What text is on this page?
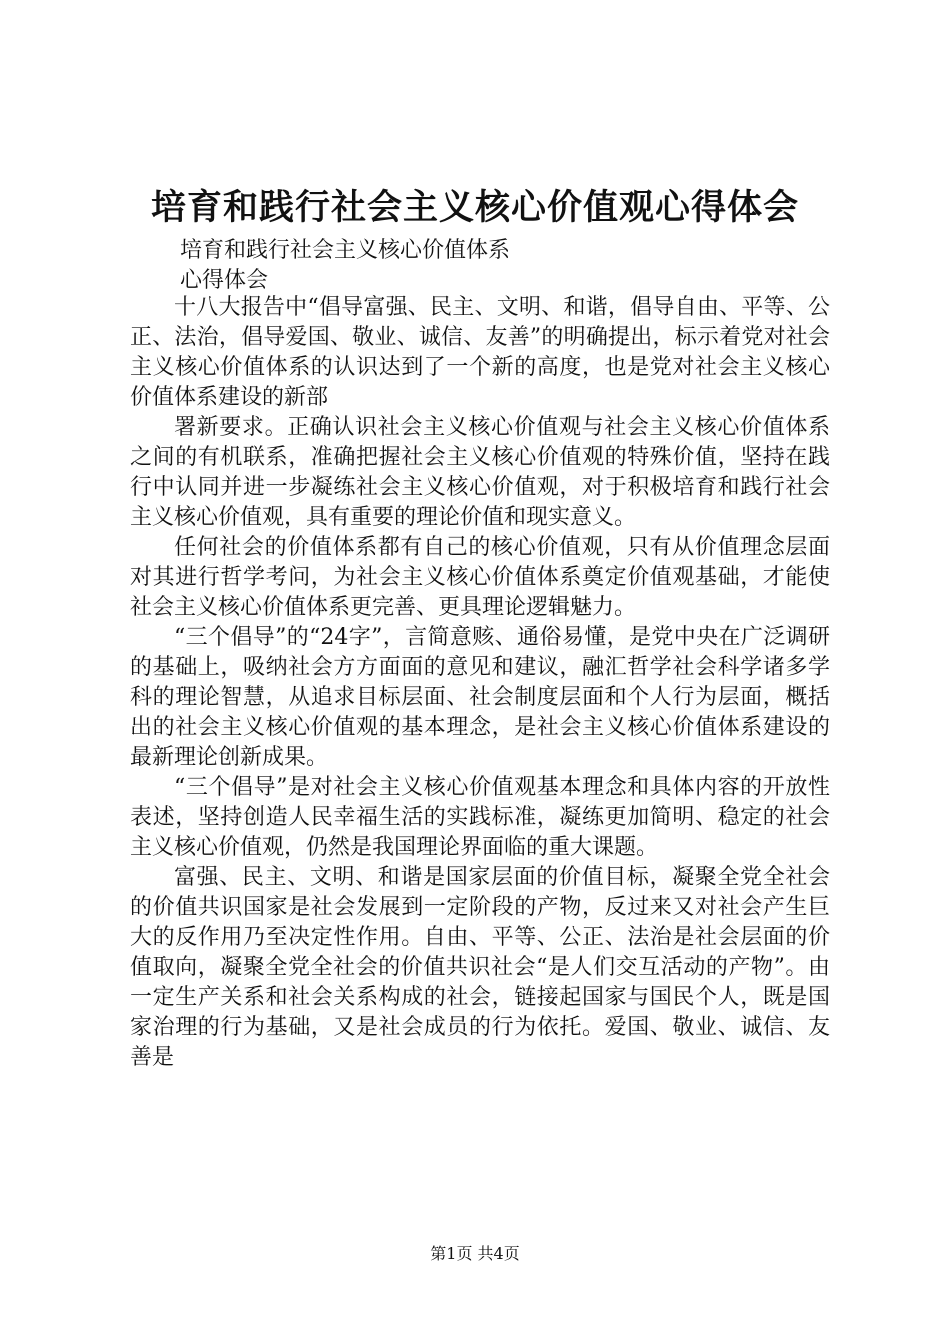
培育和践行社会主义核心价值观心得体会
培育和践行社会主义核心价值体系
心得体会

十八大报告中“倡导富强、民主、文明、和谐，倡导自由、平等、公正、法治，倡导爱国、敬业、诚信、友善”的明确提出，标示着党对社会主义核心价值体系的认识达到了一个新的高度，也是党对社会主义核心价值体系建设的新部

署新要求。正确认识社会主义核心价值观与社会主义核心价值体系之间的有机联系，准确把握社会主义核心价值观的特殊价值，坚持在践行中认同并进一步凝练社会主义核心价值观，对于积极培育和践行社会主义核心价值观，具有重要的理论价值和现实意义。

任何社会的价值体系都有自己的核心价值观，只有从价值理念层面对其进行哲学考问，为社会主义核心价值体系奠定价值观基础，才能使社会主义核心价值体系更完善、更具理论逻辑魅力。

“三个倡导”的“24字”，言简意赅、通俗易懂，是党中央在广泛调研的基础上，吸纳社会方方面面的意见和建议，融汇哲学社会科学诸多学科的理论智慧，从追求目标层面、社会制度层面和个人行为层面，概括出的社会主义核心价值观的基本理念，是社会主义核心价值体系建设的最新理论创新成果。

“三个倡导”是对社会主义核心价值观基本理念和具体内容的开放性表述，坚持创造人民幸福生活的实践标准，凝练更加简明、稳定的社会主义核心价值观，仍然是我国理论界面临的重大课题。

富强、民主、文明、和谐是国家层面的价值目标，凝聚全党全社会的价值共识国家是社会发展到一定阶段的产物，反过来又对社会产生巨大的反作用乃至决定性作用。自由、平等、公正、法治是社会层面的价值取向，凝聚全党全社会的价值共识社会“是人们交互活动的产物”。由一定生产关系和社会关系构成的社会，链接起国家与国民个人，既是国家治理的行为基础，又是社会成员的行为依托。爱国、敬业、诚信、友善是

第1页 共4页
